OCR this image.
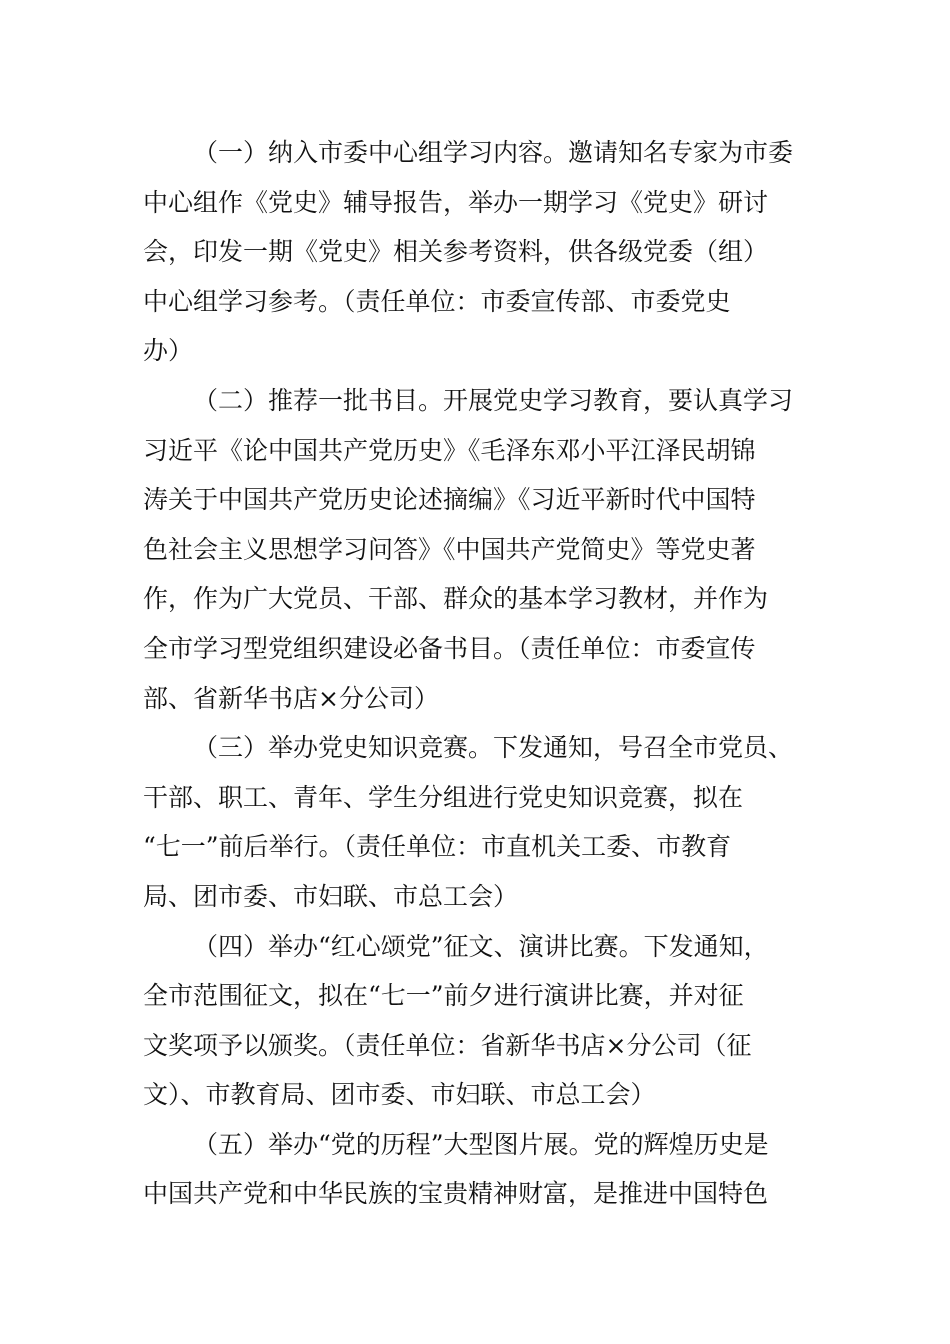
（一）纳入市委中心组学习内容。邀请知名专家为市委
中心组作《党史》辅导报告，举办一期学习《党史》研讨
会，印发一期《党史》相关参考资料，供各级党委（组）
中心组学习参考。（责任单位：市委宣传部、市委党史
办）

（二）推荐一批书目。开展党史学习教育，要认真学习
习近平《论中国共产党历史》《毛泽东邓小平江泽民胡锦
涛关于中国共产党历史论述摘编》《习近平新时代中国特
色社会主义思想学习问答》《中国共产党简史》等党史著
作，作为广大党员、干部、群众的基本学习教材，并作为
全市学习型党组织建设必备书目。（责任单位：市委宣传
部、省新华书店×分公司）

（三）举办党史知识竞赛。下发通知，号召全市党员、
干部、职工、青年、学生分组进行党史知识竞赛，拟在
“七一”前后举行。（责任单位：市直机关工委、市教育
局、团市委、市妇联、市总工会）

（四）举办“红心颂党”征文、演讲比赛。下发通知，
全市范围征文，拟在“七一”前夕进行演讲比赛，并对征
文奖项予以颁奖。（责任单位：省新华书店×分公司（征
文）、市教育局、团市委、市妇联、市总工会）

（五）举办“党的历程”大型图片展。党的辉煌历史是
中国共产党和中华民族的宝贵精神财富，是推进中国特色
